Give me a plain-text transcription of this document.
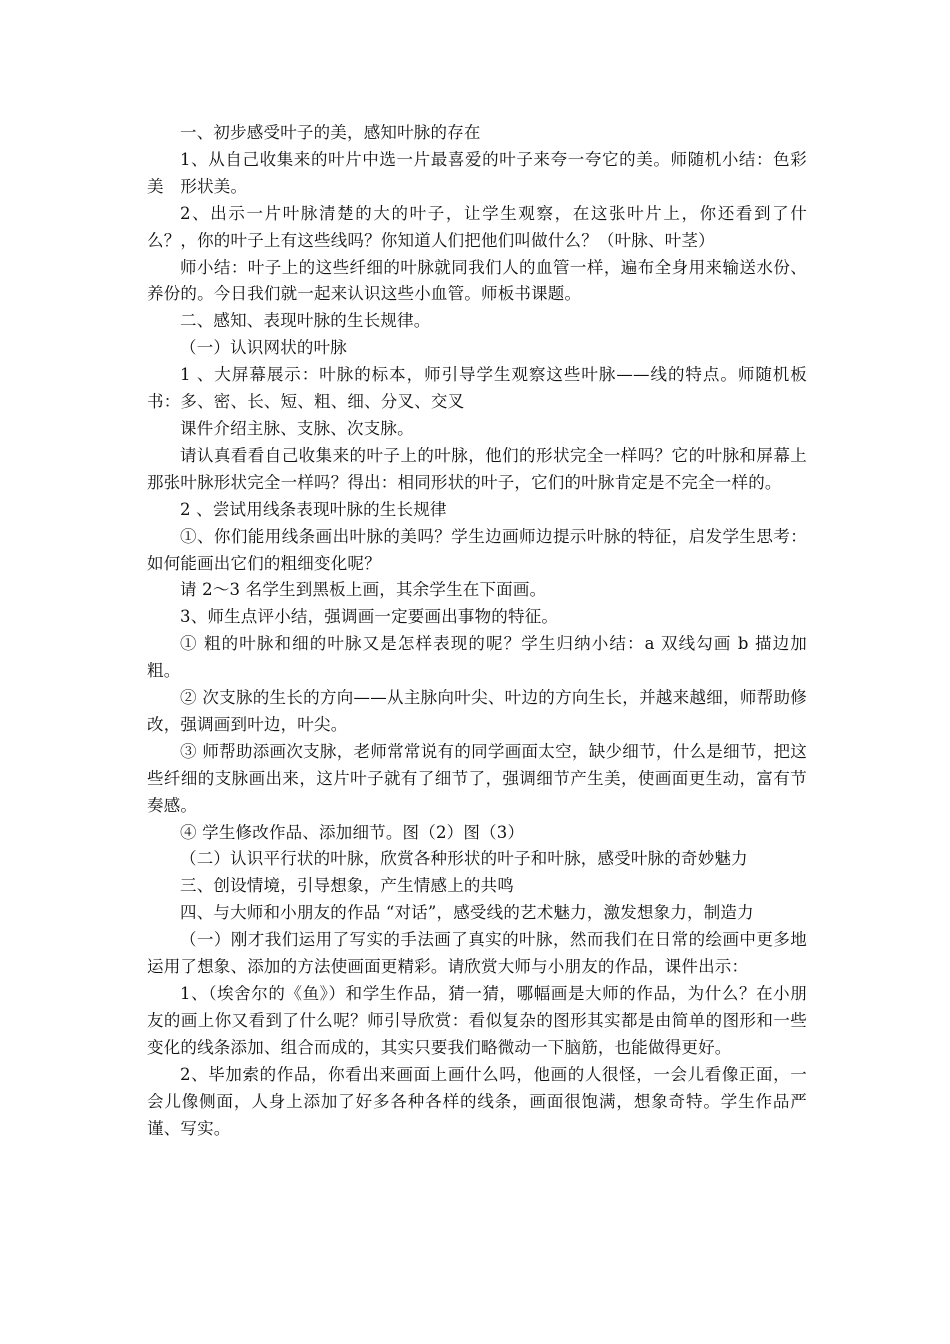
一、初步感受叶子的美，感知叶脉的存在

1、从自己收集来的叶片中选一片最喜爱的叶子来夸一夸它的美。师随机小结：色彩美　形状美。

2、出示一片叶脉清楚的大的叶子，让学生观察，在这张叶片上，你还看到了什么？，你的叶子上有这些线吗？你知道人们把他们叫做什么？（叶脉、叶茎）

师小结：叶子上的这些纤细的叶脉就同我们人的血管一样，遍布全身用来输送水份、养份的。今日我们就一起来认识这些小血管。师板书课题。

二、感知、表现叶脉的生长规律。

（一）认识网状的叶脉

1 、大屏幕展示：叶脉的标本，师引导学生观察这些叶脉——线的特点。师随机板书：多、密、长、短、粗、细、分叉、交叉

课件介绍主脉、支脉、次支脉。

请认真看看自己收集来的叶子上的叶脉，他们的形状完全一样吗？它的叶脉和屏幕上那张叶脉形状完全一样吗？得出：相同形状的叶子，它们的叶脉肯定是不完全一样的。

2 、尝试用线条表现叶脉的生长规律

①、你们能用线条画出叶脉的美吗？学生边画师边提示叶脉的特征，启发学生思考：如何能画出它们的粗细变化呢？

请 2～3 名学生到黑板上画，其余学生在下面画。

3、师生点评小结，强调画一定要画出事物的特征。

① 粗的叶脉和细的叶脉又是怎样表现的呢？学生归纳小结：a 双线勾画 b 描边加粗。

② 次支脉的生长的方向——从主脉向叶尖、叶边的方向生长，并越来越细，师帮助修改，强调画到叶边，叶尖。

③ 师帮助添画次支脉，老师常常说有的同学画面太空，缺少细节，什么是细节，把这些纤细的支脉画出来，这片叶子就有了细节了，强调细节产生美，使画面更生动，富有节奏感。

④ 学生修改作品、添加细节。图（2）图（3）

（二）认识平行状的叶脉，欣赏各种形状的叶子和叶脉，感受叶脉的奇妙魅力

三、创设情境，引导想象，产生情感上的共鸣

四、与大师和小朋友的作品 “对话”，感受线的艺术魅力，激发想象力，制造力

（一）刚才我们运用了写实的手法画了真实的叶脉，然而我们在日常的绘画中更多地运用了想象、添加的方法使画面更精彩。请欣赏大师与小朋友的作品，课件出示：

1、（埃舍尔的《鱼》）和学生作品，猜一猜，哪幅画是大师的作品，为什么？在小朋友的画上你又看到了什么呢？师引导欣赏：看似复杂的图形其实都是由简单的图形和一些变化的线条添加、组合而成的，其实只要我们略微动一下脑筋，也能做得更好。

2、毕加索的作品，你看出来画面上画什么吗，他画的人很怪，一会儿看像正面，一会儿像侧面，人身上添加了好多各种各样的线条，画面很饱满，想象奇特。学生作品严谨、写实。
